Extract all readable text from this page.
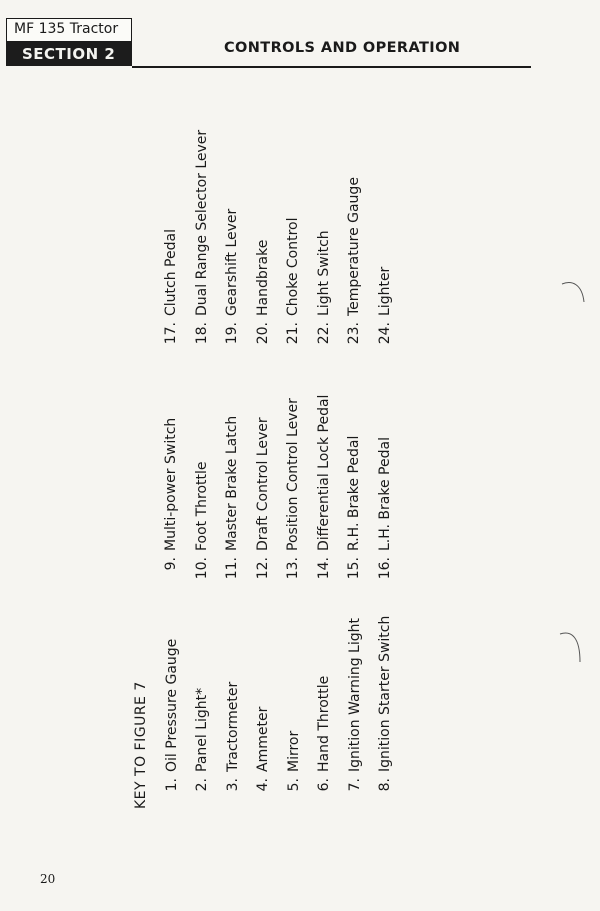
MF 135 Tractor
SECTION 2	CONTROLS AND OPERATION
KEY TO FIGURE 7	1.Oil Pressure Gauge
2.Panel Light*
3.Tractormeter
4.Ammeter
5.Mirror
6.Hand Throttle
7.Ignition Warning Light
8.Ignition Starter Switch
9.Multi-power Switch
10.Foot Throttle
11.Master Brake Latch
12.Draft Control Lever
13.Position Control Lever
14.Differential Lock Pedal
15.R.H. Brake Pedal
16.L.H. Brake Pedal
17.Clutch Pedal
18.Dual Range Selector Lever
19.Gearshift Lever
20.Handbrake
21.Choke Control
22.Light Switch
23.Temperature Gauge
24.Lighter
20
